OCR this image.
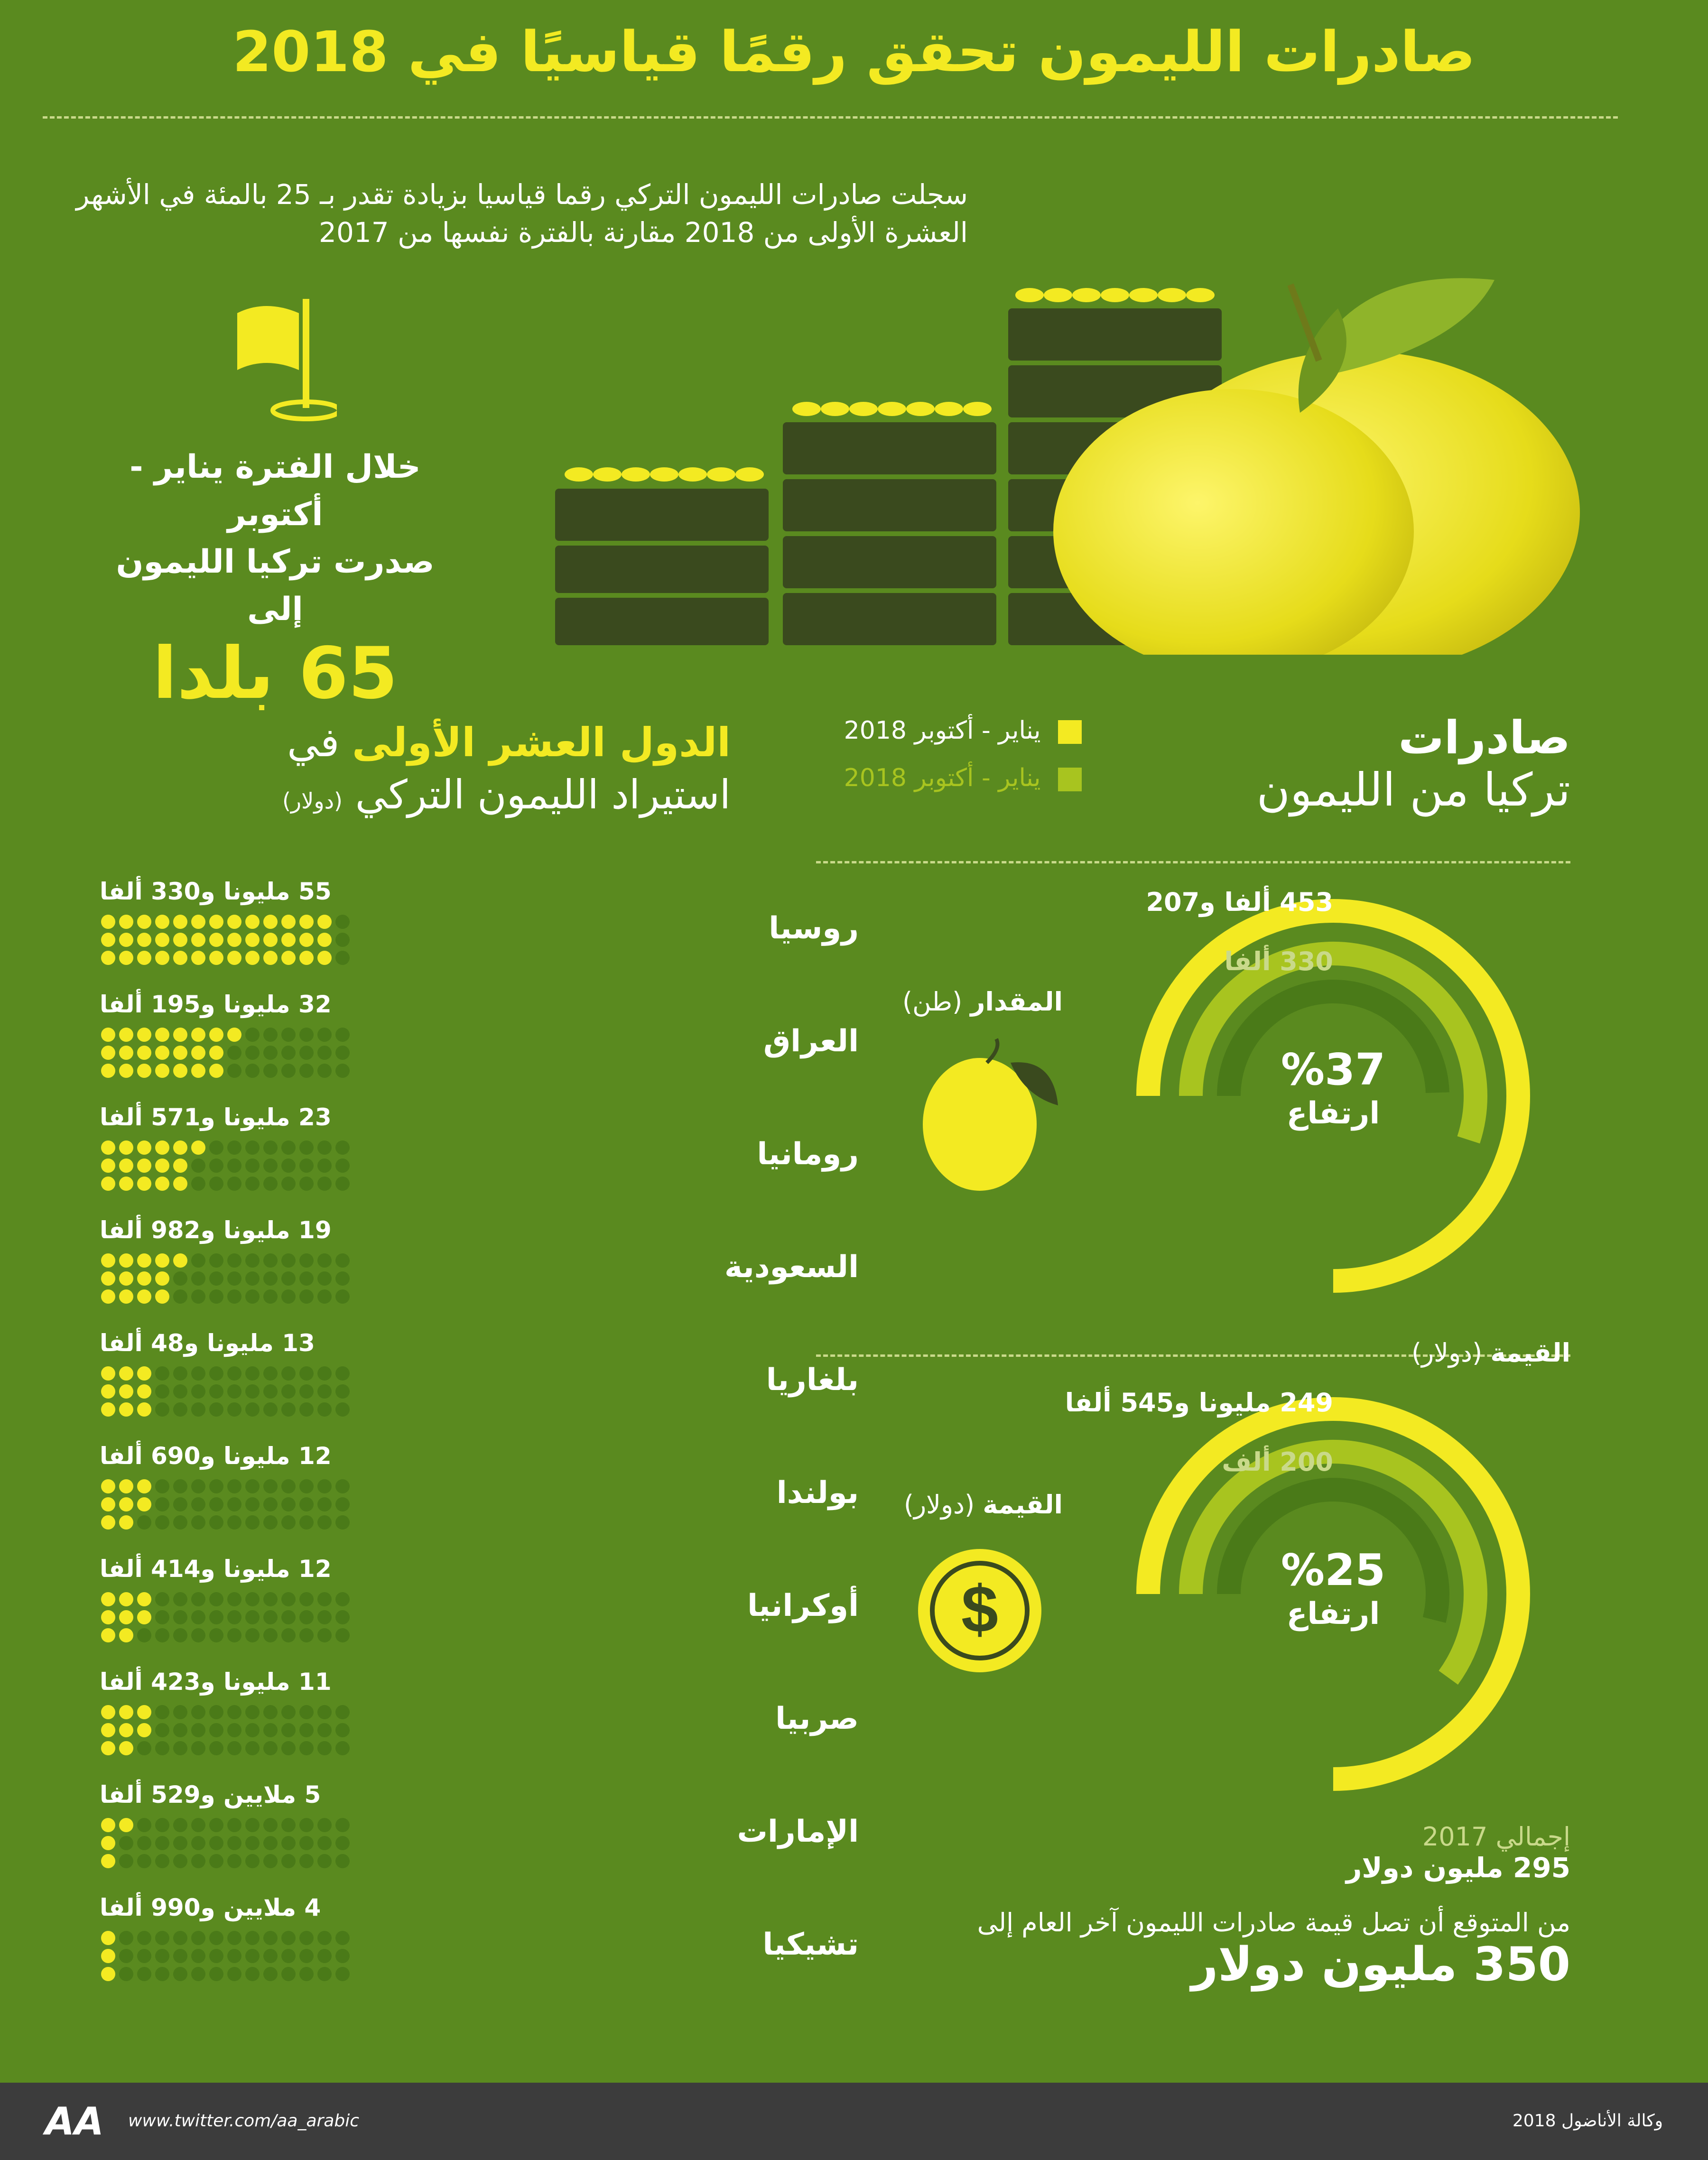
صادرات الليمون تحقق رقمًا قياسيًا في 2018
سجلت صادرات الليمون التركي رقما قياسيا بزيادة تقدر بـ 25 بالمئة في الأشهر العشرة الأولى من 2018 مقارنة بالفترة نفسها من 2017
خلال الفترة يناير - أكتوبر
صدرت تركيا الليمون إلى
65 بلدا
صادرات
تركيا من الليمون
يناير - أكتوبر 2018
يناير - أكتوبر 2018
453 ألفا و207
330 ألفا
%37
ارتفاع
المقدار (طن)
القيمة (دولار)
249 مليونا و545 ألفا
200 ألف
%25
ارتفاع
القيمة (دولار)
$
إجمالي 2017
295 مليون دولار
من المتوقع أن تصل قيمة صادرات الليمون آخر العام إلى
350 مليون دولار
الدول العشر الأولى في
استيراد الليمون التركي (دولار)
55 مليونا و330 ألفا
روسيا
32 مليونا و195 ألفا
العراق
23 مليونا و571 ألفا
رومانيا
19 مليونا و982 ألفا
السعودية
13 مليونا و48 ألفا
بلغاريا
12 مليونا و690 ألفا
بولندا
12 مليونا و414 ألفا
أوكرانيا
11 مليونا و423 ألفا
صربيا
5 ملايين و529 ألفا
الإمارات
4 ملايين و990 ألفا
تشيكيا
AA www.twitter.com/aa_arabic	وكالة الأناضول 2018
